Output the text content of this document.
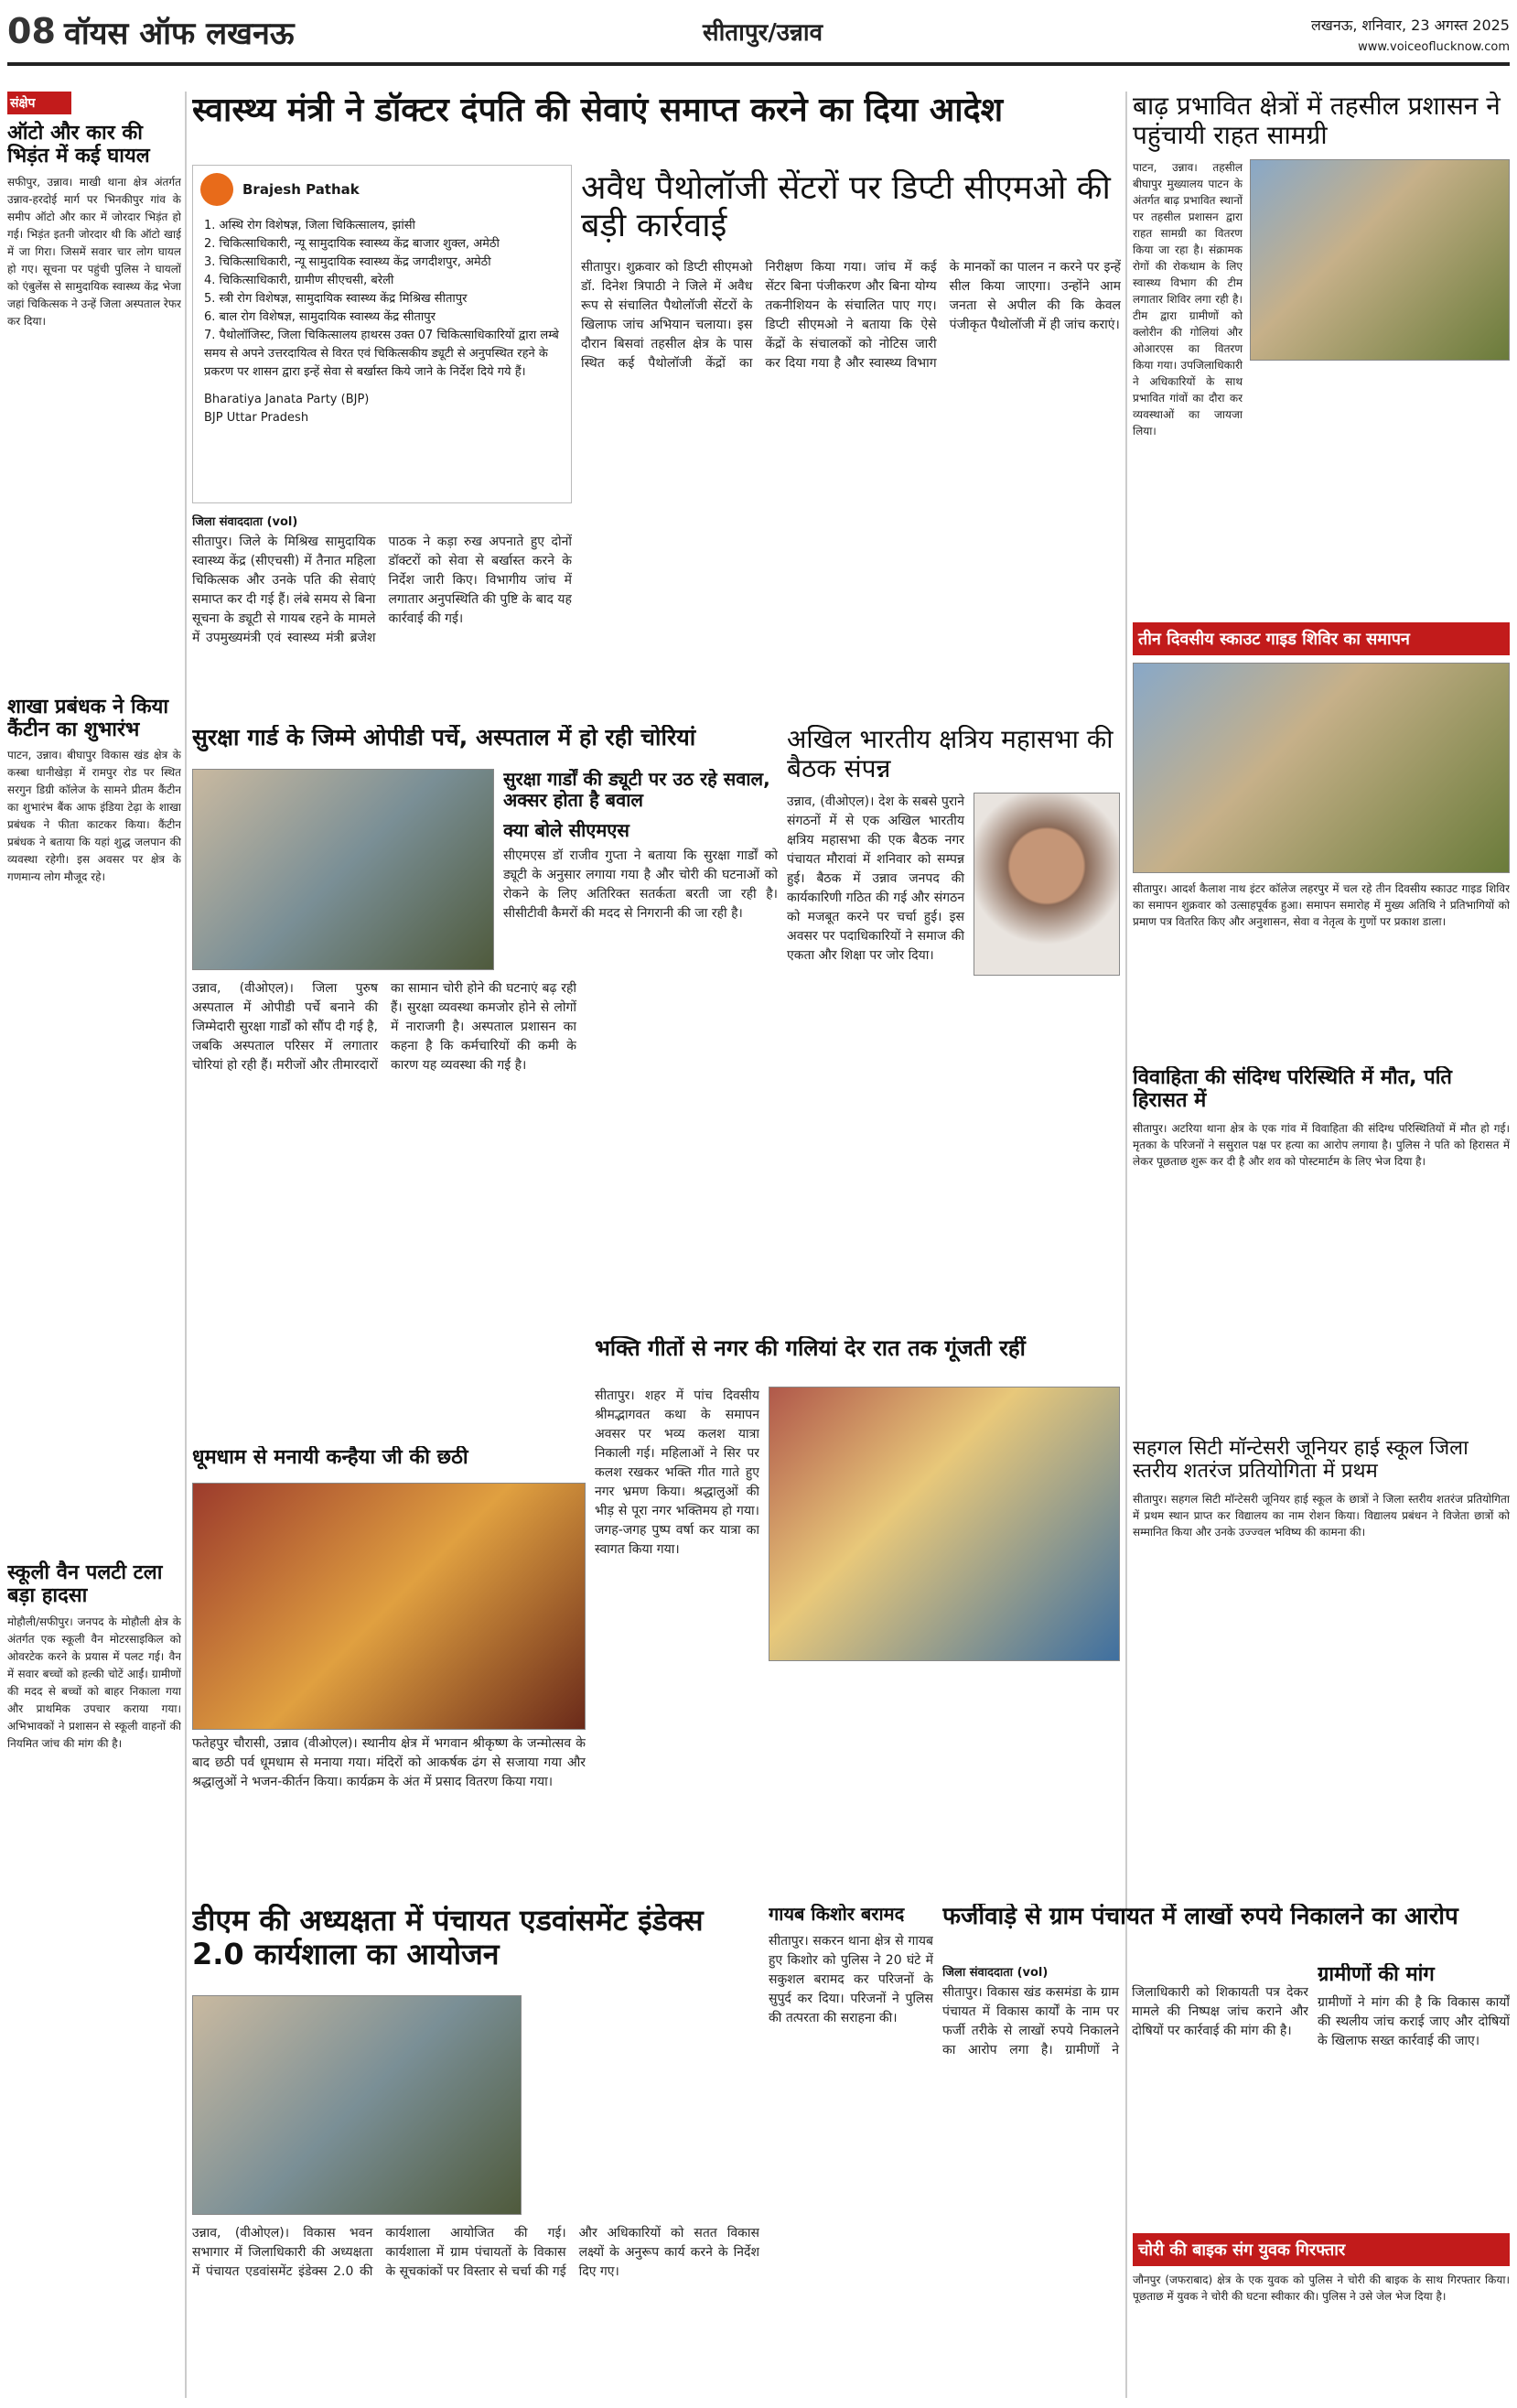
08 वॉयस ऑफ लखनऊ	सीतापुर/उन्नाव	लखनऊ, शनिवार, 23 अगस्त 2025
www.voiceoflucknow.com
संक्षेप
ऑटो और कार की भिड़ंत में कई घायल
सफीपुर, उन्नाव। माखी थाना क्षेत्र अंतर्गत उन्नाव-हरदोई मार्ग पर भिनकीपुर गांव के समीप ऑटो और कार में जोरदार भिड़ंत हो गई। भिड़ंत इतनी जोरदार थी कि ऑटो खाई में जा गिरा। जिसमें सवार चार लोग घायल हो गए। सूचना पर पहुंची पुलिस ने घायलों को एंबुलेंस से सामुदायिक स्वास्थ्य केंद्र भेजा जहां चिकित्सक ने उन्हें जिला अस्पताल रेफर कर दिया।
शाखा प्रबंधक ने किया कैंटीन का शुभारंभ
पाटन, उन्नाव। बीघापुर विकास खंड क्षेत्र के कस्बा धानीखेड़ा में रामपुर रोड पर स्थित सरगुन डिग्री कॉलेज के सामने प्रीतम कैंटीन का शुभारंभ बैंक आफ इंडिया टेढ़ा के शाखा प्रबंधक ने फीता काटकर किया। कैंटीन प्रबंधक ने बताया कि यहां शुद्ध जलपान की व्यवस्था रहेगी। इस अवसर पर क्षेत्र के गणमान्य लोग मौजूद रहे।
स्कूली वैन पलटी टला बड़ा हादसा
मोहौली/सफीपुर। जनपद के मोहौली क्षेत्र के अंतर्गत एक स्कूली वैन मोटरसाइकिल को ओवरटेक करने के प्रयास में पलट गई। वैन में सवार बच्चों को हल्की चोटें आईं। ग्रामीणों की मदद से बच्चों को बाहर निकाला गया और प्राथमिक उपचार कराया गया। अभिभावकों ने प्रशासन से स्कूली वाहनों की नियमित जांच की मांग की है।
स्वास्थ्य मंत्री ने डॉक्टर दंपति की सेवाएं समाप्त करने का दिया आदेश
Brajesh Pathak
1. अस्थि रोग विशेषज्ञ, जिला चिकित्सालय, झांसी
2. चिकित्साधिकारी, न्यू सामुदायिक स्वास्थ्य केंद्र बाजार शुक्ल, अमेठी
3. चिकित्साधिकारी, न्यू सामुदायिक स्वास्थ्य केंद्र जगदीशपुर, अमेठी
4. चिकित्साधिकारी, ग्रामीण सीएचसी, बरेली
5. स्त्री रोग विशेषज्ञ, सामुदायिक स्वास्थ्य केंद्र मिश्रिख सीतापुर
6. बाल रोग विशेषज्ञ, सामुदायिक स्वास्थ्य केंद्र सीतापुर
7. पैथोलॉजिस्ट, जिला चिकित्सालय हाथरस उक्त 07 चिकित्साधिकारियों द्वारा लम्बे समय से अपने उत्तरदायित्व से विरत एवं चिकित्सकीय ड्यूटी से अनुपस्थित रहने के प्रकरण पर शासन द्वारा इन्हें सेवा से बर्खास्त किये जाने के निर्देश दिये गये हैं।
Bharatiya Janata Party (BJP)
BJP Uttar Pradesh
जिला संवाददाता (vol)
सीतापुर। जिले के मिश्रिख सामुदायिक स्वास्थ्य केंद्र (सीएचसी) में तैनात महिला चिकित्सक और उनके पति की सेवाएं समाप्त कर दी गई हैं। लंबे समय से बिना सूचना के ड्यूटी से गायब रहने के मामले में उपमुख्यमंत्री एवं स्वास्थ्य मंत्री ब्रजेश पाठक ने कड़ा रुख अपनाते हुए दोनों डॉक्टरों को सेवा से बर्खास्त करने के निर्देश जारी किए। विभागीय जांच में लगातार अनुपस्थिति की पुष्टि के बाद यह कार्रवाई की गई।
अवैध पैथोलॉजी सेंटरों पर डिप्टी सीएमओ की बड़ी कार्रवाई
सीतापुर। शुक्रवार को डिप्टी सीएमओ डॉ. दिनेश त्रिपाठी ने जिले में अवैध रूप से संचालित पैथोलॉजी सेंटरों के खिलाफ जांच अभियान चलाया। इस दौरान बिसवां तहसील क्षेत्र के पास स्थित कई पैथोलॉजी केंद्रों का निरीक्षण किया गया। जांच में कई सेंटर बिना पंजीकरण और बिना योग्य तकनीशियन के संचालित पाए गए। डिप्टी सीएमओ ने बताया कि ऐसे केंद्रों के संचालकों को नोटिस जारी कर दिया गया है और स्वास्थ्य विभाग के मानकों का पालन न करने पर इन्हें सील किया जाएगा। उन्होंने आम जनता से अपील की कि केवल पंजीकृत पैथोलॉजी में ही जांच कराएं।
बाढ़ प्रभावित क्षेत्रों में तहसील प्रशासन ने पहुंचायी राहत सामग्री
पाटन, उन्नाव। तहसील बीघापुर मुख्यालय पाटन के अंतर्गत बाढ़ प्रभावित स्थानों पर तहसील प्रशासन द्वारा राहत सामग्री का वितरण किया जा रहा है। संक्रामक रोगों की रोकथाम के लिए स्वास्थ्य विभाग की टीम लगातार शिविर लगा रही है। टीम द्वारा ग्रामीणों को क्लोरीन की गोलियां और ओआरएस का वितरण किया गया। उपजिलाधिकारी ने अधिकारियों के साथ प्रभावित गांवों का दौरा कर व्यवस्थाओं का जायजा लिया।
तीन दिवसीय स्काउट गाइड शिविर का समापन
सीतापुर। आदर्श कैलाश नाथ इंटर कॉलेज लहरपुर में चल रहे तीन दिवसीय स्काउट गाइड शिविर का समापन शुक्रवार को उत्साहपूर्वक हुआ। समापन समारोह में मुख्य अतिथि ने प्रतिभागियों को प्रमाण पत्र वितरित किए और अनुशासन, सेवा व नेतृत्व के गुणों पर प्रकाश डाला।
विवाहिता की संदिग्ध परिस्थिति में मौत, पति हिरासत में
सीतापुर। अटरिया थाना क्षेत्र के एक गांव में विवाहिता की संदिग्ध परिस्थितियों में मौत हो गई। मृतका के परिजनों ने ससुराल पक्ष पर हत्या का आरोप लगाया है। पुलिस ने पति को हिरासत में लेकर पूछताछ शुरू कर दी है और शव को पोस्टमार्टम के लिए भेज दिया है।
सहगल सिटी मॉन्टेसरी जूनियर हाई स्कूल जिला स्तरीय शतरंज प्रतियोगिता में प्रथम
सीतापुर। सहगल सिटी मॉन्टेसरी जूनियर हाई स्कूल के छात्रों ने जिला स्तरीय शतरंज प्रतियोगिता में प्रथम स्थान प्राप्त कर विद्यालय का नाम रोशन किया। विद्यालय प्रबंधन ने विजेता छात्रों को सम्मानित किया और उनके उज्ज्वल भविष्य की कामना की।
सुरक्षा गार्ड के जिम्मे ओपीडी पर्चे, अस्पताल में हो रही चोरियां
उन्नाव, (वीओएल)। जिला पुरुष अस्पताल में ओपीडी पर्चे बनाने की जिम्मेदारी सुरक्षा गार्डों को सौंप दी गई है, जबकि अस्पताल परिसर में लगातार चोरियां हो रही हैं। मरीजों और तीमारदारों का सामान चोरी होने की घटनाएं बढ़ रही हैं। सुरक्षा व्यवस्था कमजोर होने से लोगों में नाराजगी है। अस्पताल प्रशासन का कहना है कि कर्मचारियों की कमी के कारण यह व्यवस्था की गई है।
सुरक्षा गार्डों की ड्यूटी पर उठ रहे सवाल, अक्सर होता है बवाल
क्या बोले सीएमएस
सीएमएस डॉ राजीव गुप्ता ने बताया कि सुरक्षा गार्डों को ड्यूटी के अनुसार लगाया गया है और चोरी की घटनाओं को रोकने के लिए अतिरिक्त सतर्कता बरती जा रही है। सीसीटीवी कैमरों की मदद से निगरानी की जा रही है।
अखिल भारतीय क्षत्रिय महासभा की बैठक संपन्न
उन्नाव, (वीओएल)। देश के सबसे पुराने संगठनों में से एक अखिल भारतीय क्षत्रिय महासभा की एक बैठक नगर पंचायत मौरावां में शनिवार को सम्पन्न हुई। बैठक में उन्नाव जनपद की कार्यकारिणी गठित की गई और संगठन को मजबूत करने पर चर्चा हुई। इस अवसर पर पदाधिकारियों ने समाज की एकता और शिक्षा पर जोर दिया।
धूमधाम से मनायी कन्हैया जी की छठी
फतेहपुर चौरासी, उन्नाव (वीओएल)। स्थानीय क्षेत्र में भगवान श्रीकृष्ण के जन्मोत्सव के बाद छठी पर्व धूमधाम से मनाया गया। मंदिरों को आकर्षक ढंग से सजाया गया और श्रद्धालुओं ने भजन-कीर्तन किया। कार्यक्रम के अंत में प्रसाद वितरण किया गया।
भक्ति गीतों से नगर की गलियां देर रात तक गूंजती रहीं
सीतापुर। शहर में पांच दिवसीय श्रीमद्भागवत कथा के समापन अवसर पर भव्य कलश यात्रा निकाली गई। महिलाओं ने सिर पर कलश रखकर भक्ति गीत गाते हुए नगर भ्रमण किया। श्रद्धालुओं की भीड़ से पूरा नगर भक्तिमय हो गया। जगह-जगह पुष्प वर्षा कर यात्रा का स्वागत किया गया।
डीएम की अध्यक्षता में पंचायत एडवांसमेंट इंडेक्स 2.0 कार्यशाला का आयोजन
उन्नाव, (वीओएल)। विकास भवन सभागार में जिलाधिकारी की अध्यक्षता में पंचायत एडवांसमेंट इंडेक्स 2.0 की कार्यशाला आयोजित की गई। कार्यशाला में ग्राम पंचायतों के विकास के सूचकांकों पर विस्तार से चर्चा की गई और अधिकारियों को सतत विकास लक्ष्यों के अनुरूप कार्य करने के निर्देश दिए गए।
गायब किशोर बरामद
सीतापुर। सकरन थाना क्षेत्र से गायब हुए किशोर को पुलिस ने 20 घंटे में सकुशल बरामद कर परिजनों के सुपुर्द कर दिया। परिजनों ने पुलिस की तत्परता की सराहना की।
फर्जीवाड़े से ग्राम पंचायत में लाखों रुपये निकालने का आरोप
जिला संवाददाता (vol)
सीतापुर। विकास खंड कसमंडा के ग्राम पंचायत में विकास कार्यों के नाम पर फर्जी तरीके से लाखों रुपये निकालने का आरोप लगा है। ग्रामीणों ने जिलाधिकारी को शिकायती पत्र देकर मामले की निष्पक्ष जांच कराने और दोषियों पर कार्रवाई की मांग की है।
ग्रामीणों की मांग
ग्रामीणों ने मांग की है कि विकास कार्यों की स्थलीय जांच कराई जाए और दोषियों के खिलाफ सख्त कार्रवाई की जाए।
चोरी की बाइक संग युवक गिरफ्तार
जौनपुर (जफराबाद) क्षेत्र के एक युवक को पुलिस ने चोरी की बाइक के साथ गिरफ्तार किया। पूछताछ में युवक ने चोरी की घटना स्वीकार की। पुलिस ने उसे जेल भेज दिया है।
